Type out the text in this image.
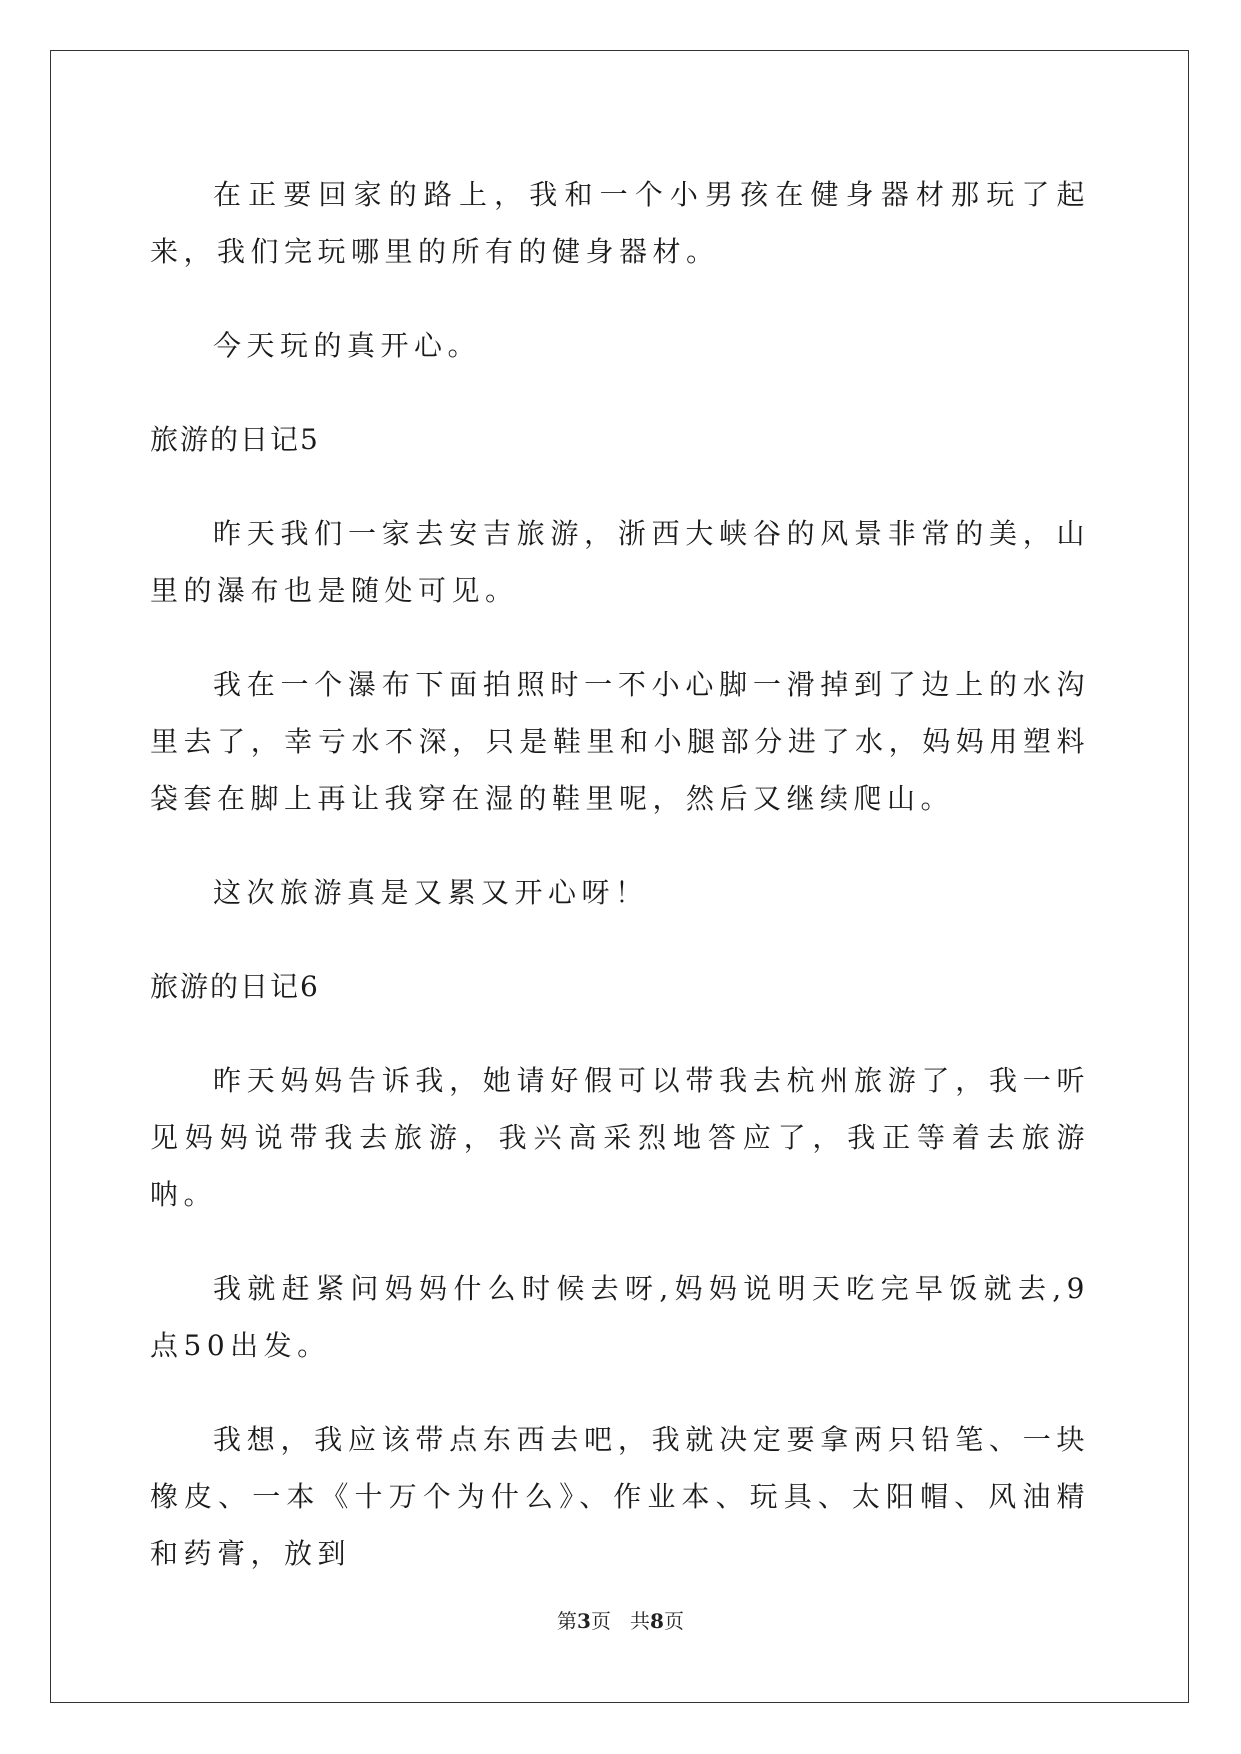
在正要回家的路上，我和一个小男孩在健身器材那玩了起来，我们完玩哪里的所有的健身器材。

今天玩的真开心。

旅游的日记5

昨天我们一家去安吉旅游，浙西大峡谷的风景非常的美，山里的瀑布也是随处可见。

我在一个瀑布下面拍照时一不小心脚一滑掉到了边上的水沟里去了，幸亏水不深，只是鞋里和小腿部分进了水，妈妈用塑料袋套在脚上再让我穿在湿的鞋里呢，然后又继续爬山。

这次旅游真是又累又开心呀！

旅游的日记6

昨天妈妈告诉我，她请好假可以带我去杭州旅游了，我一听见妈妈说带我去旅游，我兴高采烈地答应了，我正等着去旅游呐。

我就赶紧问妈妈什么时候去呀,妈妈说明天吃完早饭就去,9点50出发。

我想，我应该带点东西去吧，我就决定要拿两只铅笔、一块橡皮、一本《十万个为什么》、作业本、玩具、太阳帽、风油精和药膏，放到

第3页 共8页
